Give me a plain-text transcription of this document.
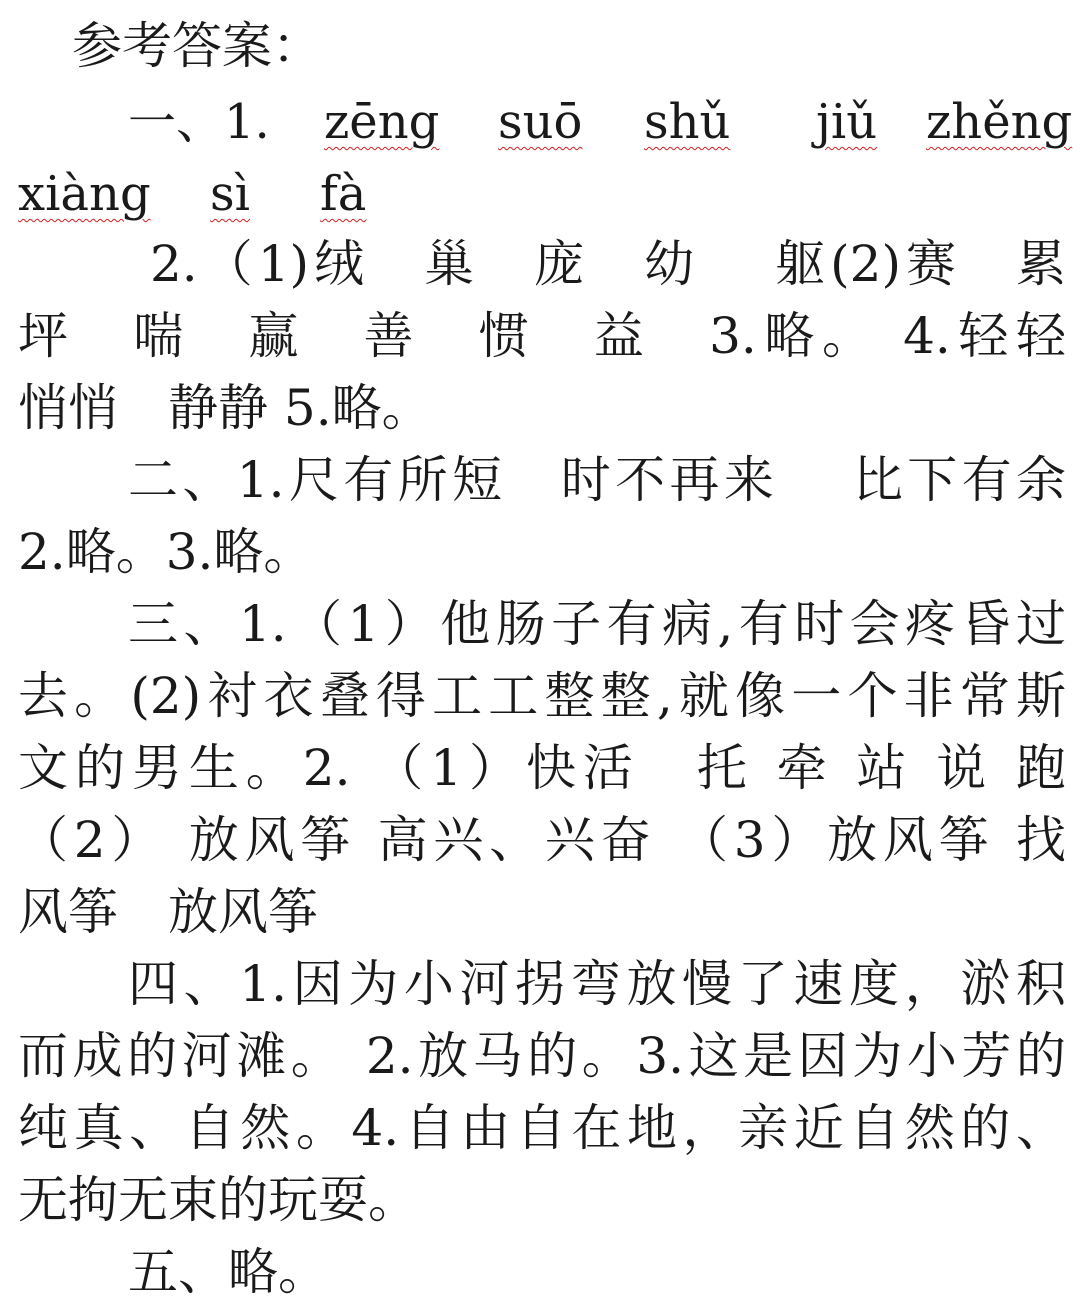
参考答案：
一、1. zēng suō shǔ jiǔ zhěng
xiàng sì fà
2.（1)绒　巢　庞　幼　 躯(2)赛　累
坪　喘　赢　善　惯　益　3.略。 4.轻轻
悄悄　静静 5.略。
二、1.尺有所短　时不再来　 比下有余
2.略。3.略。
三、1.（1）他肠子有病,有时会疼昏过
去。(2)衬衣叠得工工整整,就像一个非常斯
文的男生。2. （1）快活　托 牵 站 说 跑
（2） 放风筝 高兴、兴奋 （3）放风筝 找
风筝　放风筝
四、1.因为小河拐弯放慢了速度，淤积
而成的河滩。 2.放马的。3.这是因为小芳的
纯真、自然。4.自由自在地，亲近自然的、
无拘无束的玩耍。
五、略。
